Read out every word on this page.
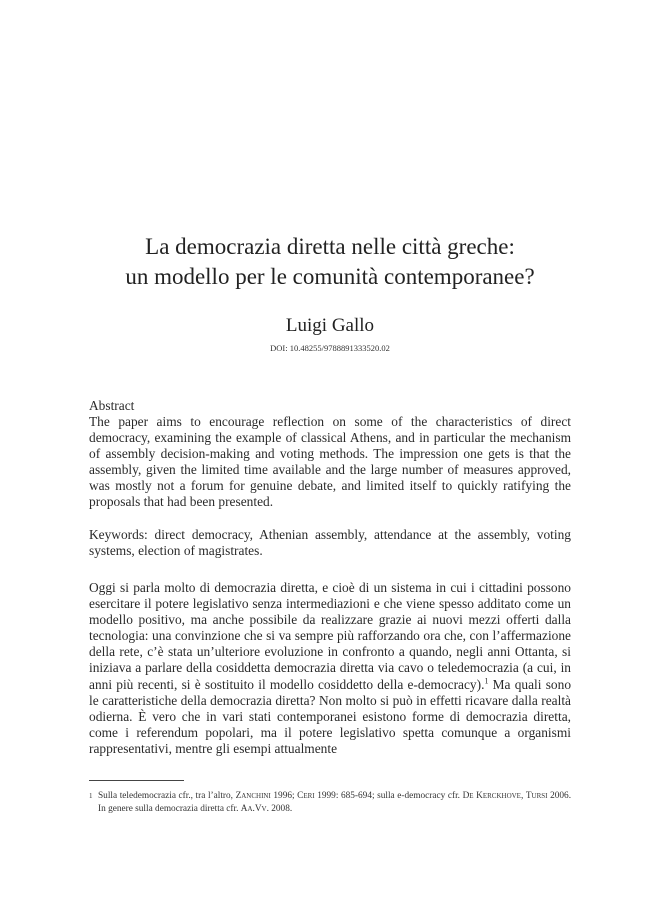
La democrazia diretta nelle città greche:
un modello per le comunità contemporanee?
Luigi Gallo
DOI: 10.48255/9788891333520.02
Abstract
The paper aims to encourage reflection on some of the characteristics of direct democracy, examining the example of classical Athens, and in particular the mechanism of assembly decision-making and voting methods. The impression one gets is that the assembly, given the limited time available and the large number of measures approved, was mostly not a forum for genuine debate, and limited itself to quickly ratifying the proposals that had been presented.
Keywords: direct democracy, Athenian assembly, attendance at the assembly, voting systems, election of magistrates.
Oggi si parla molto di democrazia diretta, e cioè di un sistema in cui i cittadini possono esercitare il potere legislativo senza intermediazioni e che viene spesso additato come un modello positivo, ma anche possibile da realizzare grazie ai nuovi mezzi offerti dalla tecnologia: una convinzione che si va sempre più rafforzando ora che, con l’affermazione della rete, c’è stata un’ulteriore evoluzione in confronto a quando, negli anni Ottanta, si iniziava a parlare della cosiddetta democrazia diretta via cavo o teledemocrazia (a cui, in anni più recenti, si è sostituito il modello cosiddetto della e-democracy).$^1$ Ma quali sono le caratteristiche della democrazia diretta? Non molto si può in effetti ricavare dalla realtà odierna. È vero che in vari stati contemporanei esistono forme di democrazia diretta, come i referendum popolari, ma il potere legislativo spetta comunque a organismi rappresentativi, mentre gli esempi attualmente
1 Sulla teledemocrazia cfr., tra l’altro, Zanchini 1996; Ceri 1999: 685-694; sulla e-democracy cfr. De Kerckhove, Tursi 2006. In genere sulla democrazia diretta cfr. Aa.Vv. 2008.
